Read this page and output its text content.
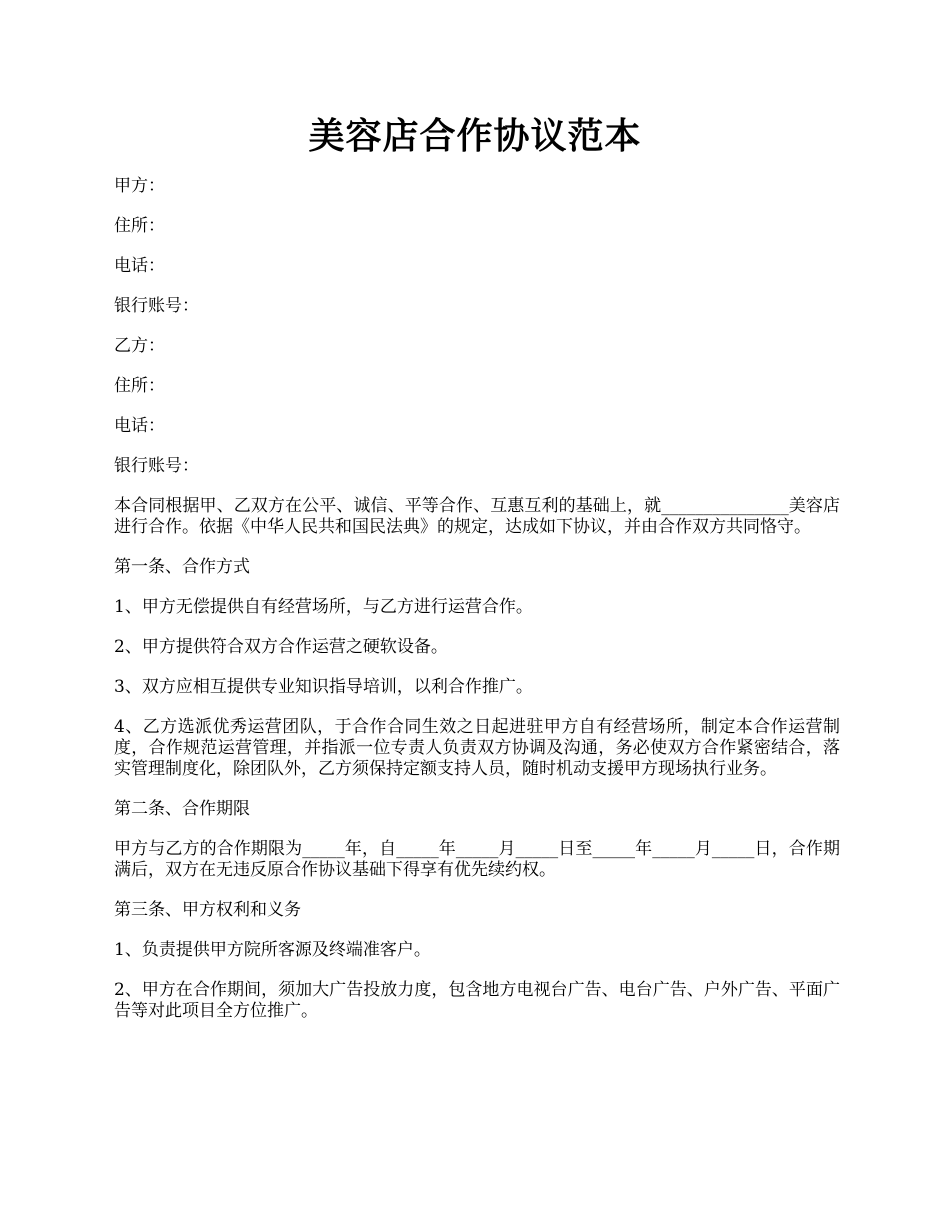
美容店合作协议范本

甲方：

住所：

电话：

银行账号：

乙方：

住所：

电话：

银行账号：

本合同根据甲、乙双方在公平、诚信、平等合作、互惠互利的基础上，就_______________美容店进行合作。依据《中华人民共和国民法典》的规定，达成如下协议，并由合作双方共同恪守。

第一条、合作方式

1、甲方无偿提供自有经营场所，与乙方进行运营合作。

2、甲方提供符合双方合作运营之硬软设备。

3、双方应相互提供专业知识指导培训，以利合作推广。

4、乙方选派优秀运营团队，于合作合同生效之日起进驻甲方自有经营场所，制定本合作运营制度，合作规范运营管理，并指派一位专责人负责双方协调及沟通，务必使双方合作紧密结合，落实管理制度化，除团队外，乙方须保持定额支持人员，随时机动支援甲方现场执行业务。

第二条、合作期限

甲方与乙方的合作期限为_____年，自_____年_____月_____日至_____年_____月_____日，合作期满后，双方在无违反原合作协议基础下得享有优先续约权。

第三条、甲方权利和义务

1、负责提供甲方院所客源及终端准客户。

2、甲方在合作期间，须加大广告投放力度，包含地方电视台广告、电台广告、户外广告、平面广告等对此项目全方位推广。
